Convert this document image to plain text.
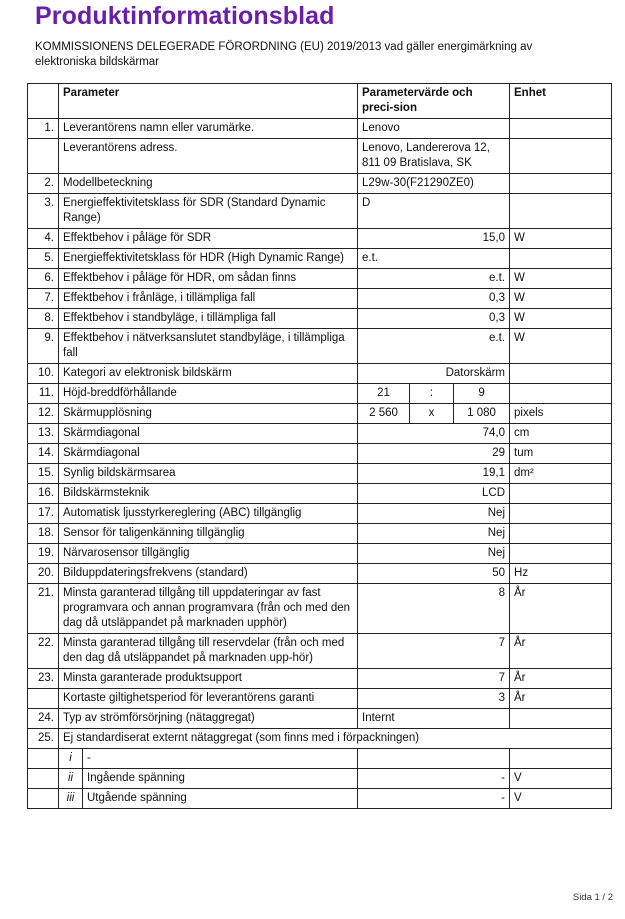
Produktinformationsblad

KOMMISSIONENS DELEGERADE FÖRORDNING (EU) 2019/2013 vad gäller energimärkning av elektroniska bildskärmar

	Parameter		Parametervärde och preci-sion			Enhet
1.	Leverantörens namn eller varumärke.		Lenovo			
	Leverantörens adress.		Lenovo, Landererova 12, 811 09 Bratislava, SK			
2.	Modellbeteckning		L29w-30(F21290ZE0)			
3.	Energieffektivitetsklass för SDR (Standard Dynamic Range)		D			
4.	Effektbehov i påläge för SDR		15,0			W
5.	Energieffektivitetsklass för HDR (High Dynamic Range)		e.t.			
6.	Effektbehov i påläge för HDR, om sådan finns		e.t.			W
7.	Effektbehov i frånläge, i tillämpliga fall		0,3			W
8.	Effektbehov i standbyläge, i tillämpliga fall		0,3			W
9.	Effektbehov i nätverksanslutet standbyläge, i tillämpliga fall		e.t.			W
10.	Kategori av elektronisk bildskärm		Datorskärm			
11.	Höjd-breddförhållande		21	:	9	
12.	Skärmupplösning		2 560	x	1 080	pixels
13.	Skärmdiagonal		74,0			cm
14.	Skärmdiagonal		29			tum
15.	Synlig bildskärmsarea		19,1			dm²
16.	Bildskärmsteknik		LCD			
17.	Automatisk ljusstyrkereglering (ABC) tillgänglig		Nej			
18.	Sensor för taligenkänning tillgänglig		Nej			
19.	Närvarosensor tillgänglig		Nej			
20.	Bilduppdateringsfrekvens (standard)		50			Hz
21.	Minsta garanterad tillgång till uppdateringar av fast programvara och annan programvara (från och med den dag då utsläppandet på marknaden upphör)		8			År
22.	Minsta garanterad tillgång till reservdelar (från och med den dag då utsläppandet på marknaden upp-hör)		7			År
23.	Minsta garanterade produktsupport		7			År
	Kortaste giltighetsperiod för leverantörens garanti		3			År
24.	Typ av strömförsörjning (nätaggregat)		Internt			
25.	Ej standardiserat externt nätaggregat (som finns med i förpackningen)					
	i	-				
	ii	Ingående spänning	-			V
	iii	Utgående spänning	-			V
Sida 1 / 2
